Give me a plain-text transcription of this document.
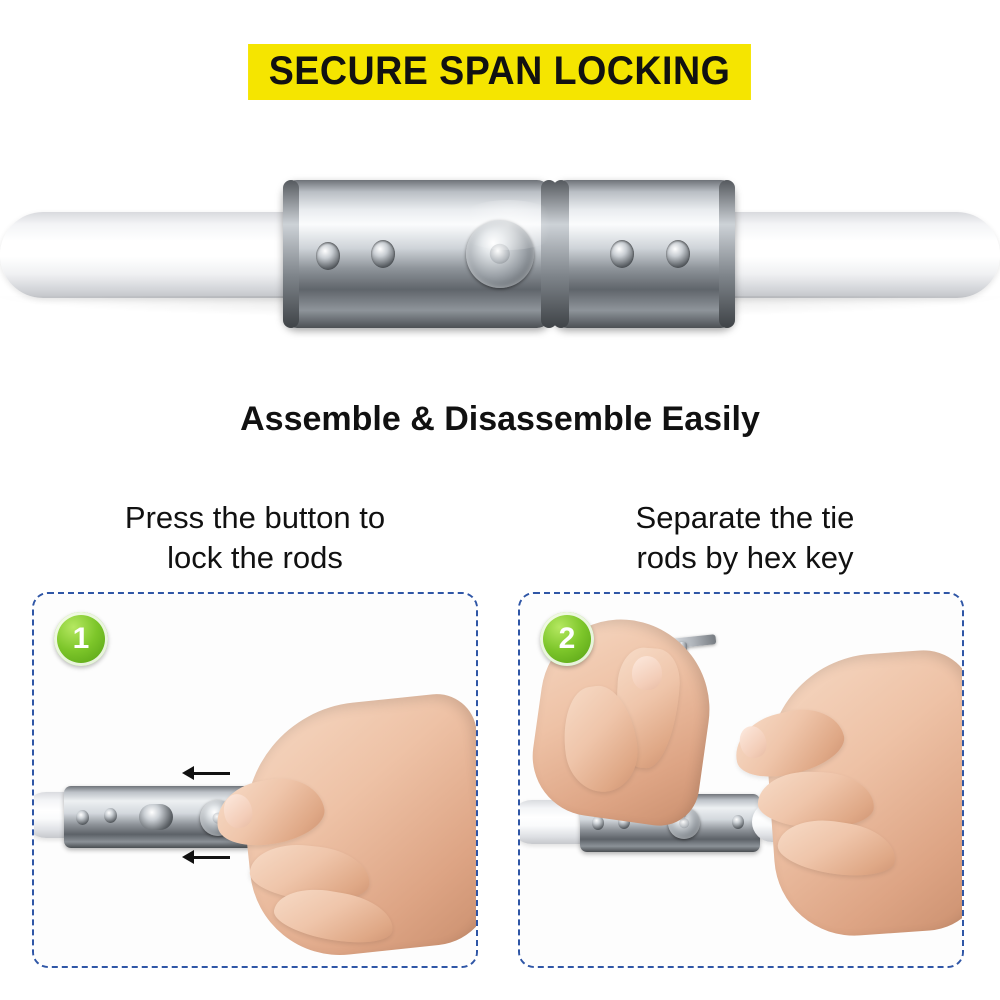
SECURE SPAN LOCKING
Assemble & Disassemble Easily
Press the button to
lock the rods
Separate the tie
rods by hex key
1	2
